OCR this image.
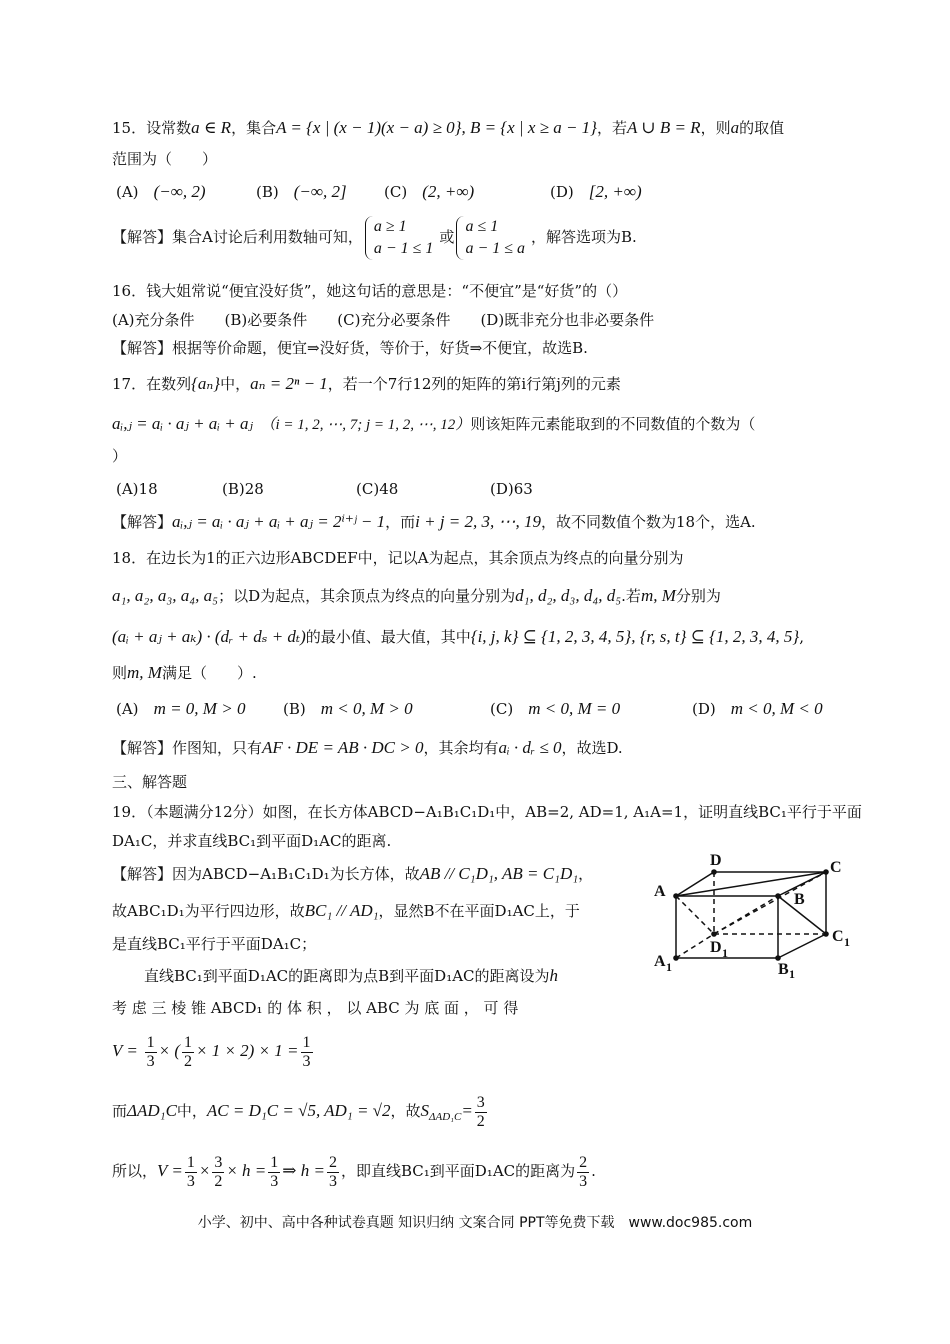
15．设常数a ∈ R，集合A = {x | (x − 1)(x − a) ≥ 0}, B = {x | x ≥ a − 1}，若A ∪ B = R，则a的取值
范围为（　　）
(A)　 (−∞, 2)	(B)　 (−∞, 2] (C)　 (2, +∞)	(D)　 [2, +∞)
【解答】集合A讨论后利用数轴可知，
a ≥ 1
a − 1 ≤ 1
或
a ≤ 1
a − 1 ≤ a
，解答选项为B.
16．钱大姐常说“便宜没好货”，她这句话的意思是：“不便宜”是“好货”的（）
(A)充分条件　　(B)必要条件　　(C)充分必要条件　　(D)既非充分也非必要条件
【解答】根据等价命题，便宜⇒没好货，等价于，好货⇒不便宜，故选B.
17．在数列{aₙ}中，aₙ = 2ⁿ − 1，若一个7行12列的矩阵的第i行第j列的元素
aᵢ,ⱼ = aᵢ · aⱼ + aᵢ + aⱼ　 （i = 1, 2, ⋯, 7; j = 1, 2, ⋯, 12）则该矩阵元素能取到的不同数值的个数为（
）
(A)18	(B)28	(C)48	(D)63
【解答】aᵢ,ⱼ = aᵢ · aⱼ + aᵢ + aⱼ = 2ⁱ⁺ʲ − 1，而i + j = 2, 3, ⋯, 19，故不同数值个数为18个，选A.
18．在边长为1的正六边形ABCDEF中，记以A为起点，其余顶点为终点的向量分别为
a₁, a₂, a₃, a₄, a₅；以D为起点，其余顶点为终点的向量分别为d₁, d₂, d₃, d₄, d₅.若m, M分别为
(aᵢ + aⱼ + aₖ) · (dᵣ + dₛ + dₜ)的最小值、最大值，其中{i, j, k} ⊆ {1, 2, 3, 4, 5}, {r, s, t} ⊆ {1, 2, 3, 4, 5},
则m, M满足（　　）.
(A)　 m = 0, M > 0	(B)　 m < 0, M > 0	(C)　 m < 0, M = 0	(D)　 m < 0, M < 0
【解答】作图知，只有AF · DE = AB · DC > 0，其余均有aᵢ · dᵣ ≤ 0，故选D.
三、解答题
19．（本题满分12分）如图，在长方体ABCD−A₁B₁C₁D₁中，AB=2, AD=1, A₁A=1，证明直线BC₁平行于平面
DA₁C，并求直线BC₁到平面D₁AC的距离.
【解答】因为ABCD−A₁B₁C₁D₁为长方体，故AB // C₁D₁, AB = C₁D₁，
故ABC₁D₁为平行四边形，故BC₁ // AD₁，显然B不在平面D₁AC上，于
是直线BC₁平行于平面DA₁C；
直线BC₁到平面D₁AC的距离即为点B到平面D₁AC的距离设为h
考 虑 三 棱 锥 ABCD₁ 的 体 积 ， 以 ABC 为 底 面 ， 可 得
$V = \frac{1}{3}$ × ( $\frac{1}{2} \times 1 \times 2) \times 1 = \frac{1}{3}$
而ΔAD₁C中，AC = D₁C = √5, AD₁ = √2，故$S_{\Delta AD_1C}= \frac{3}{2}$
所以，$V = \frac{1}{3} \times \frac{3}{2} \times h = \frac{1}{3}$ ⇒ $h = \frac{2}{3}$ ，即直线BC₁到平面D₁AC的距离为 $\frac{2}{3}$ .
D	C
A	B
C 1
D 1
A 1	B 1
小学、初中、高中各种试卷真题 知识归纳 文案合同 PPT等免费下载　www.doc985.com
